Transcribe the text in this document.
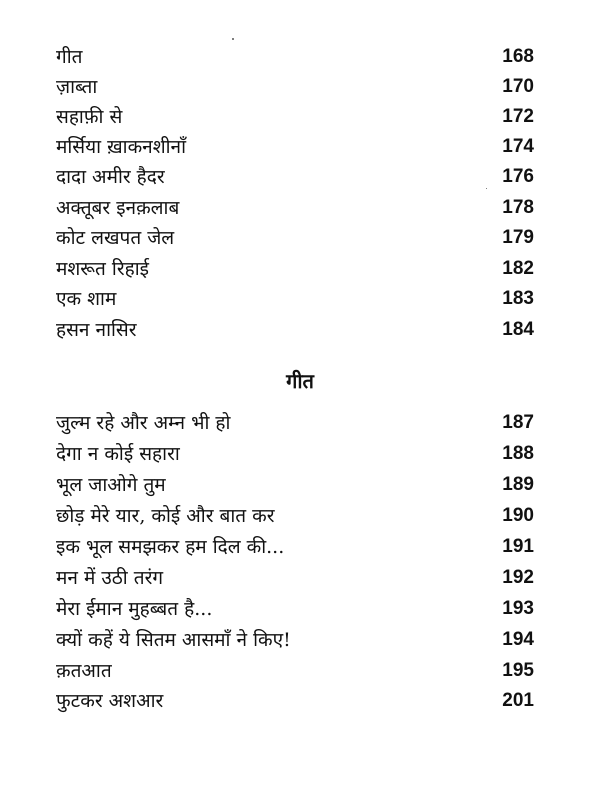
गीत	168
ज़ाब्ता	170
सहाफ़ी से	172
मर्सिया ख़ाकनशीनाँ	174
दादा अमीर हैदर	176
अक्तूबर इनक़लाब	178
कोट लखपत जेल	179
मशरूत रिहाई	182
एक शाम	183
हसन नासिर	184
गीत
जुल्म रहे और अम्न भी हो	187
देगा न कोई सहारा	188
भूल जाओगे तुम	189
छोड़ मेरे यार, कोई और बात कर	190
इक भूल समझकर हम दिल की...	191
मन में उठी तरंग	192
मेरा ईमान मुहब्बत है...	193
क्यों कहें ये सितम आसमाँ ने किए!	194
क़तआत	195
फुटकर अशआर	201
